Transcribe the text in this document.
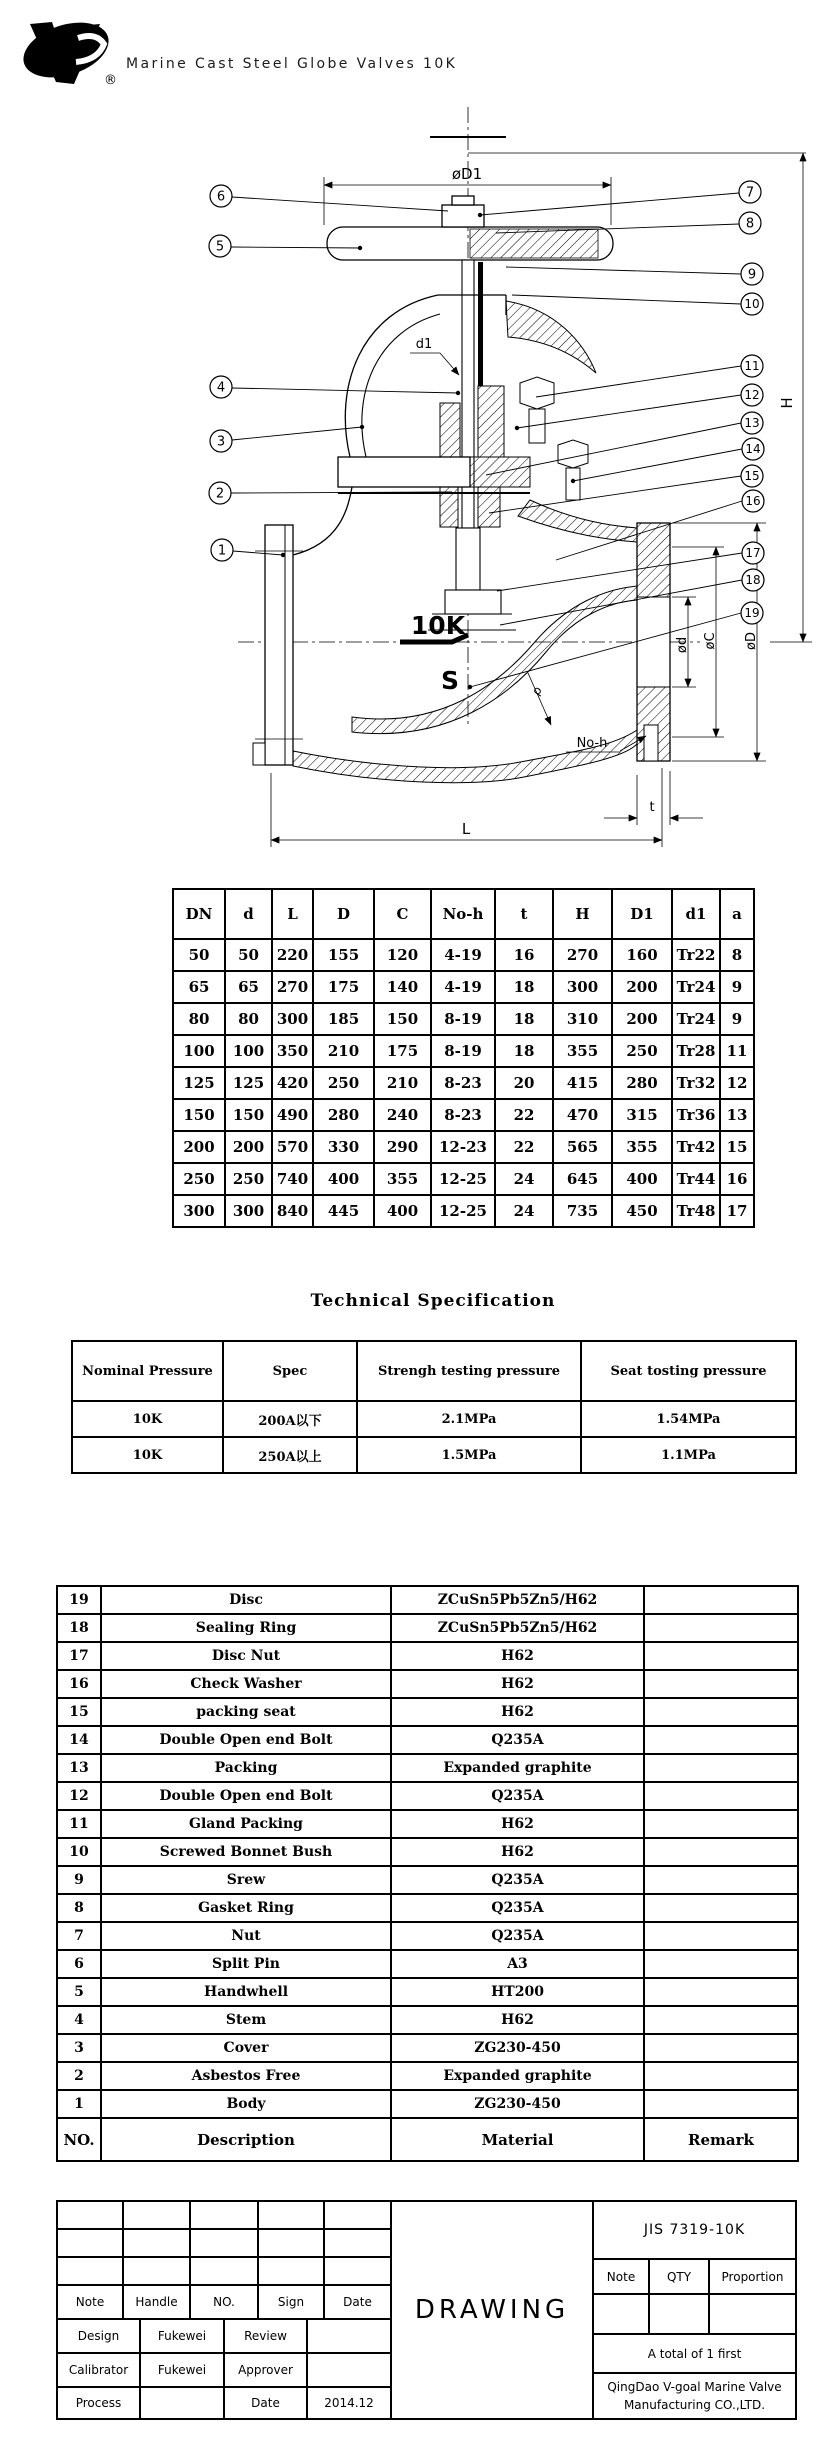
V
®
Marine Cast Steel Globe Valves 10K
øD1
d1
H
ød øC øD
No-h
t
L
ρ
10K
S
1
2
3
4
5
6	7
8
9
10
11
12
13
14
15
16
17
18
19
DN	d	L	D	C	No-h	t	H	D1	d1	a
50	50	220	155	120	4-19	16	270	160	Tr22	8
65	65	270	175	140	4-19	18	300	200	Tr24	9
80	80	300	185	150	8-19	18	310	200	Tr24	9
100	100	350	210	175	8-19	18	355	250	Tr28	11
125	125	420	250	210	8-23	20	415	280	Tr32	12
150	150	490	280	240	8-23	22	470	315	Tr36	13
200	200	570	330	290	12-23	22	565	355	Tr42	15
250	250	740	400	355	12-25	24	645	400	Tr44	16
300	300	840	445	400	12-25	24	735	450	Tr48	17
Technical Specification
Nominal Pressure	Spec	Strengh testing pressure	Seat tosting pressure
10K	200A以下	2.1MPa	1.54MPa
10K	250A以上	1.5MPa	1.1MPa
19	Disc	ZCuSn5Pb5Zn5/H62	
18	Sealing Ring	ZCuSn5Pb5Zn5/H62	
17	Disc Nut	H62	
16	Check Washer	H62	
15	packing seat	H62	
14	Double Open end Bolt	Q235A	
13	Packing	Expanded graphite	
12	Double Open end Bolt	Q235A	
11	Gland Packing	H62	
10	Screwed Bonnet Bush	H62	
9	Srew	Q235A	
8	Gasket Ring	Q235A	
7	Nut	Q235A	
6	Split Pin	A3	
5	Handwhell	HT200	
4	Stem	H62	
3	Cover	ZG230-450	
2	Asbestos Free	Expanded graphite	
1	Body	ZG230-450	
NO.	Description	Material	Remark
Note	Handle	NO.	Sign	Date
Design	Fukewei	Review
Calibrator	Fukewei	Approver
Process	Date	2014.12
DRAWING
JIS 7319-10K
Note	QTY	Proportion
A total of 1 first
QingDao V-goal Marine Valve
Manufacturing CO.,LTD.
